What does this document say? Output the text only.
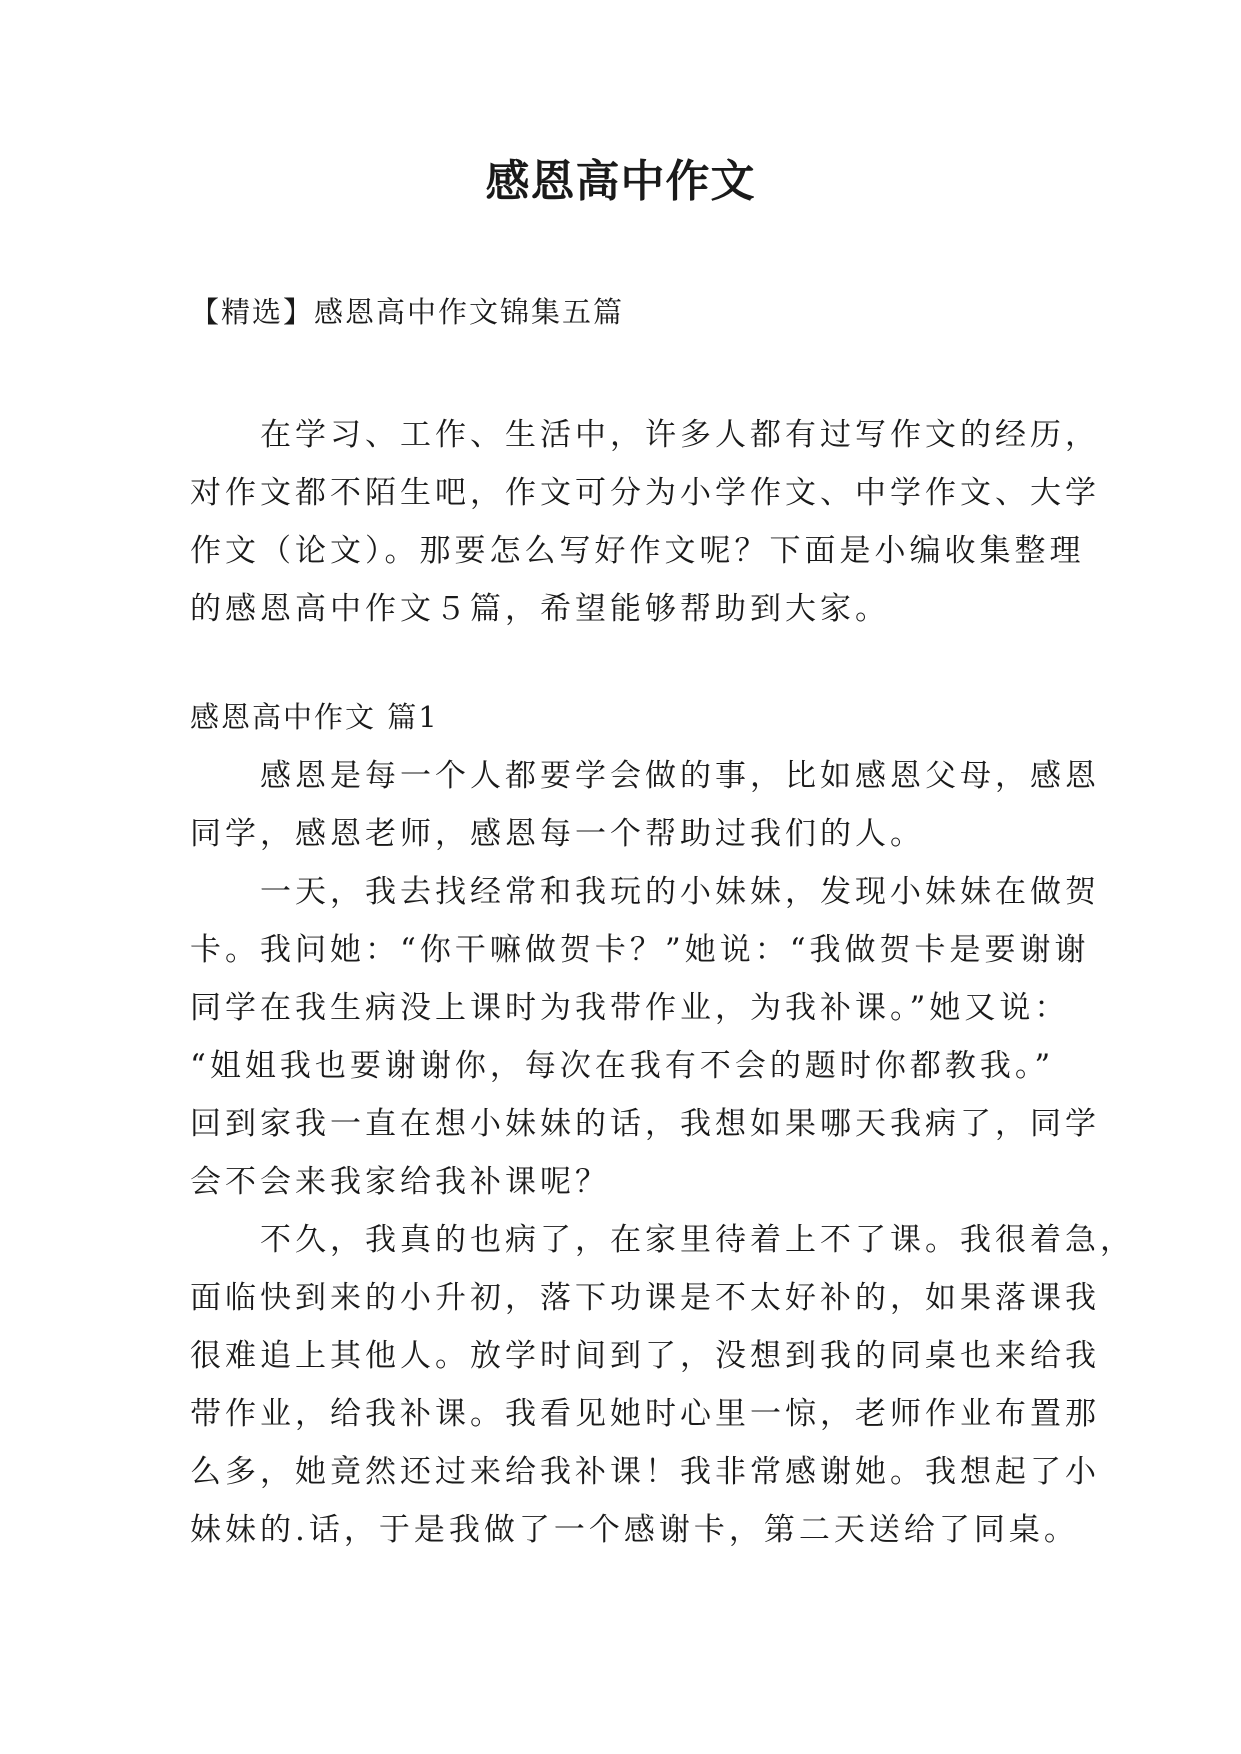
感恩高中作文
【精选】感恩高中作文锦集五篇
　　在学习、工作、生活中，许多人都有过写作文的经历，
对作文都不陌生吧，作文可分为小学作文、中学作文、大学
作文（论文）。那要怎么写好作文呢？下面是小编收集整理
的感恩高中作文５篇，希望能够帮助到大家。
感恩高中作文 篇1
　　感恩是每一个人都要学会做的事，比如感恩父母，感恩
同学，感恩老师，感恩每一个帮助过我们的人。
　　一天，我去找经常和我玩的小妹妹，发现小妹妹在做贺
卡。我问她：“你干嘛做贺卡？”她说：“我做贺卡是要谢谢
同学在我生病没上课时为我带作业，为我补课。”她又说：
“姐姐我也要谢谢你，每次在我有不会的题时你都教我。”
回到家我一直在想小妹妹的话，我想如果哪天我病了，同学
会不会来我家给我补课呢？
　　不久，我真的也病了，在家里待着上不了课。我很着急，
面临快到来的小升初，落下功课是不太好补的，如果落课我
很难追上其他人。放学时间到了，没想到我的同桌也来给我
带作业，给我补课。我看见她时心里一惊，老师作业布置那
么多，她竟然还过来给我补课！我非常感谢她。我想起了小
妹妹的.话，于是我做了一个感谢卡，第二天送给了同桌。
